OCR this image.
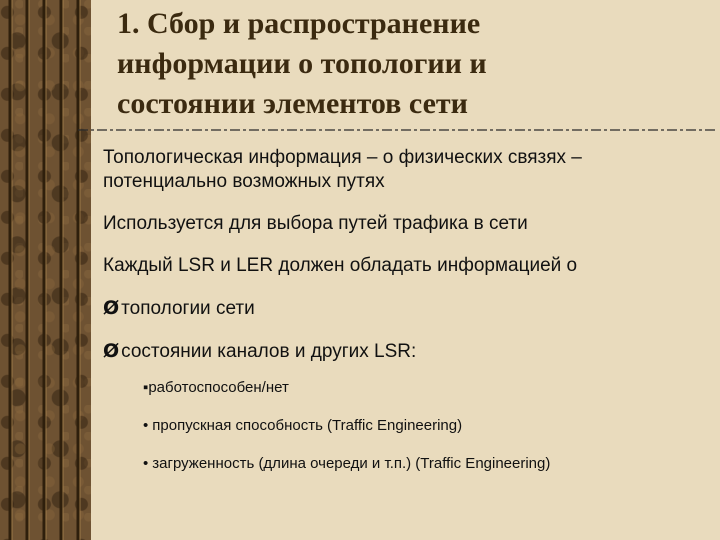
1. Сбор и распространение
информации о топологии и
состоянии элементов сети

Топологическая информация – о физических связях – потенциально возможных путях

Используется для выбора путей трафика в сети

Каждый LSR и LER должен обладать информацией о

Ø топологии сети
Ø состоянии каналов и других LSR:
▪ работоспособен/нет
• пропускная способность (Traffic Engineering)
• загруженность (длина очереди и т.п.) (Traffic Engineering)
